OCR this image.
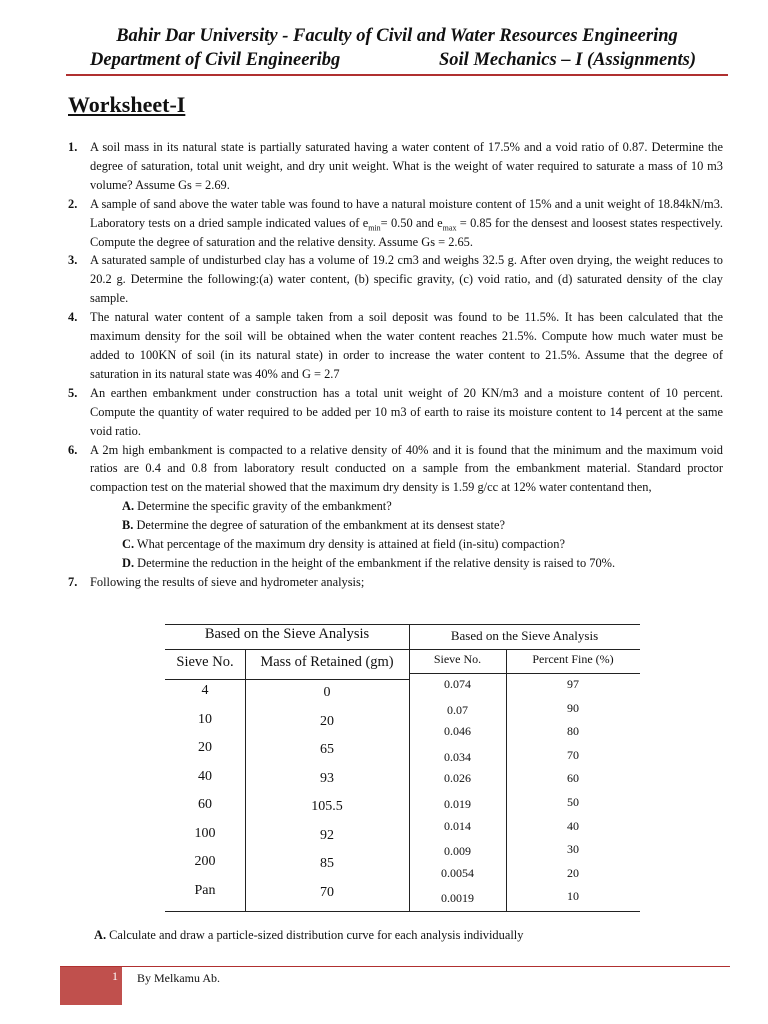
Bahir Dar University - Faculty of Civil and Water Resources Engineering
Department of Civil Engineeribg	Soil Mechanics – I (Assignments)
Worksheet-I
1. A soil mass in its natural state is partially saturated having a water content of 17.5% and a void ratio of 0.87. Determine the degree of saturation, total unit weight, and dry unit weight. What is the weight of water required to saturate a mass of 10 m3 volume? Assume Gs = 2.69.
2. A sample of sand above the water table was found to have a natural moisture content of 15% and a unit weight of 18.84kN/m3. Laboratory tests on a dried sample indicated values of $e_{min}= 0.50$ and $e_{max} = 0.85$ for the densest and loosest states respectively. Compute the degree of saturation and the relative density. Assume Gs = 2.65.
3. A saturated sample of undisturbed clay has a volume of 19.2 cm3 and weighs 32.5 g. After oven drying, the weight reduces to 20.2 g. Determine the following:(a) water content, (b) specific gravity, (c) void ratio, and (d) saturated density of the clay sample.
4. The natural water content of a sample taken from a soil deposit was found to be 11.5%. It has been calculated that the maximum density for the soil will be obtained when the water content reaches 21.5%. Compute how much water must be added to 100KN of soil (in its natural state) in order to increase the water content to 21.5%. Assume that the degree of saturation in its natural state was 40% and G = 2.7
5. An earthen embankment under construction has a total unit weight of 20 KN/m3 and a moisture content of 10 percent. Compute the quantity of water required to be added per 10 m3 of earth to raise its moisture content to 14 percent at the same void ratio.
6. A 2m high embankment is compacted to a relative density of 40% and it is found that the minimum and the maximum void ratios are 0.4 and 0.8 from laboratory result conducted on a sample from the embankment material. Standard proctor compaction test on the material showed that the maximum dry density is 1.59 g/cc at 12% water contentand then,
A. Determine the specific gravity of the embankment?
B. Determine the degree of saturation of the embankment at its densest state?
C. What percentage of the maximum dry density is attained at field (in-situ) compaction?
D. Determine the reduction in the height of the embankment if the relative density is raised to 70%.
7. Following the results of sieve and hydrometer analysis;
Based on the Sieve Analysis
Sieve No.	Mass of Retained (gm)
4	0
10	20
20	65
40	93
60	105.5
100	92
200	85
Pan	70
Based on the Sieve Analysis
Sieve No.	Percent Fine (%)
0.074	97
0.07	90
0.046	80
0.034	70
0.026	60
0.019	50
0.014	40
0.009	30
0.0054	20
0.0019	10
A. Calculate and draw a particle-sized distribution curve for each analysis individually
1 By Melkamu Ab.
